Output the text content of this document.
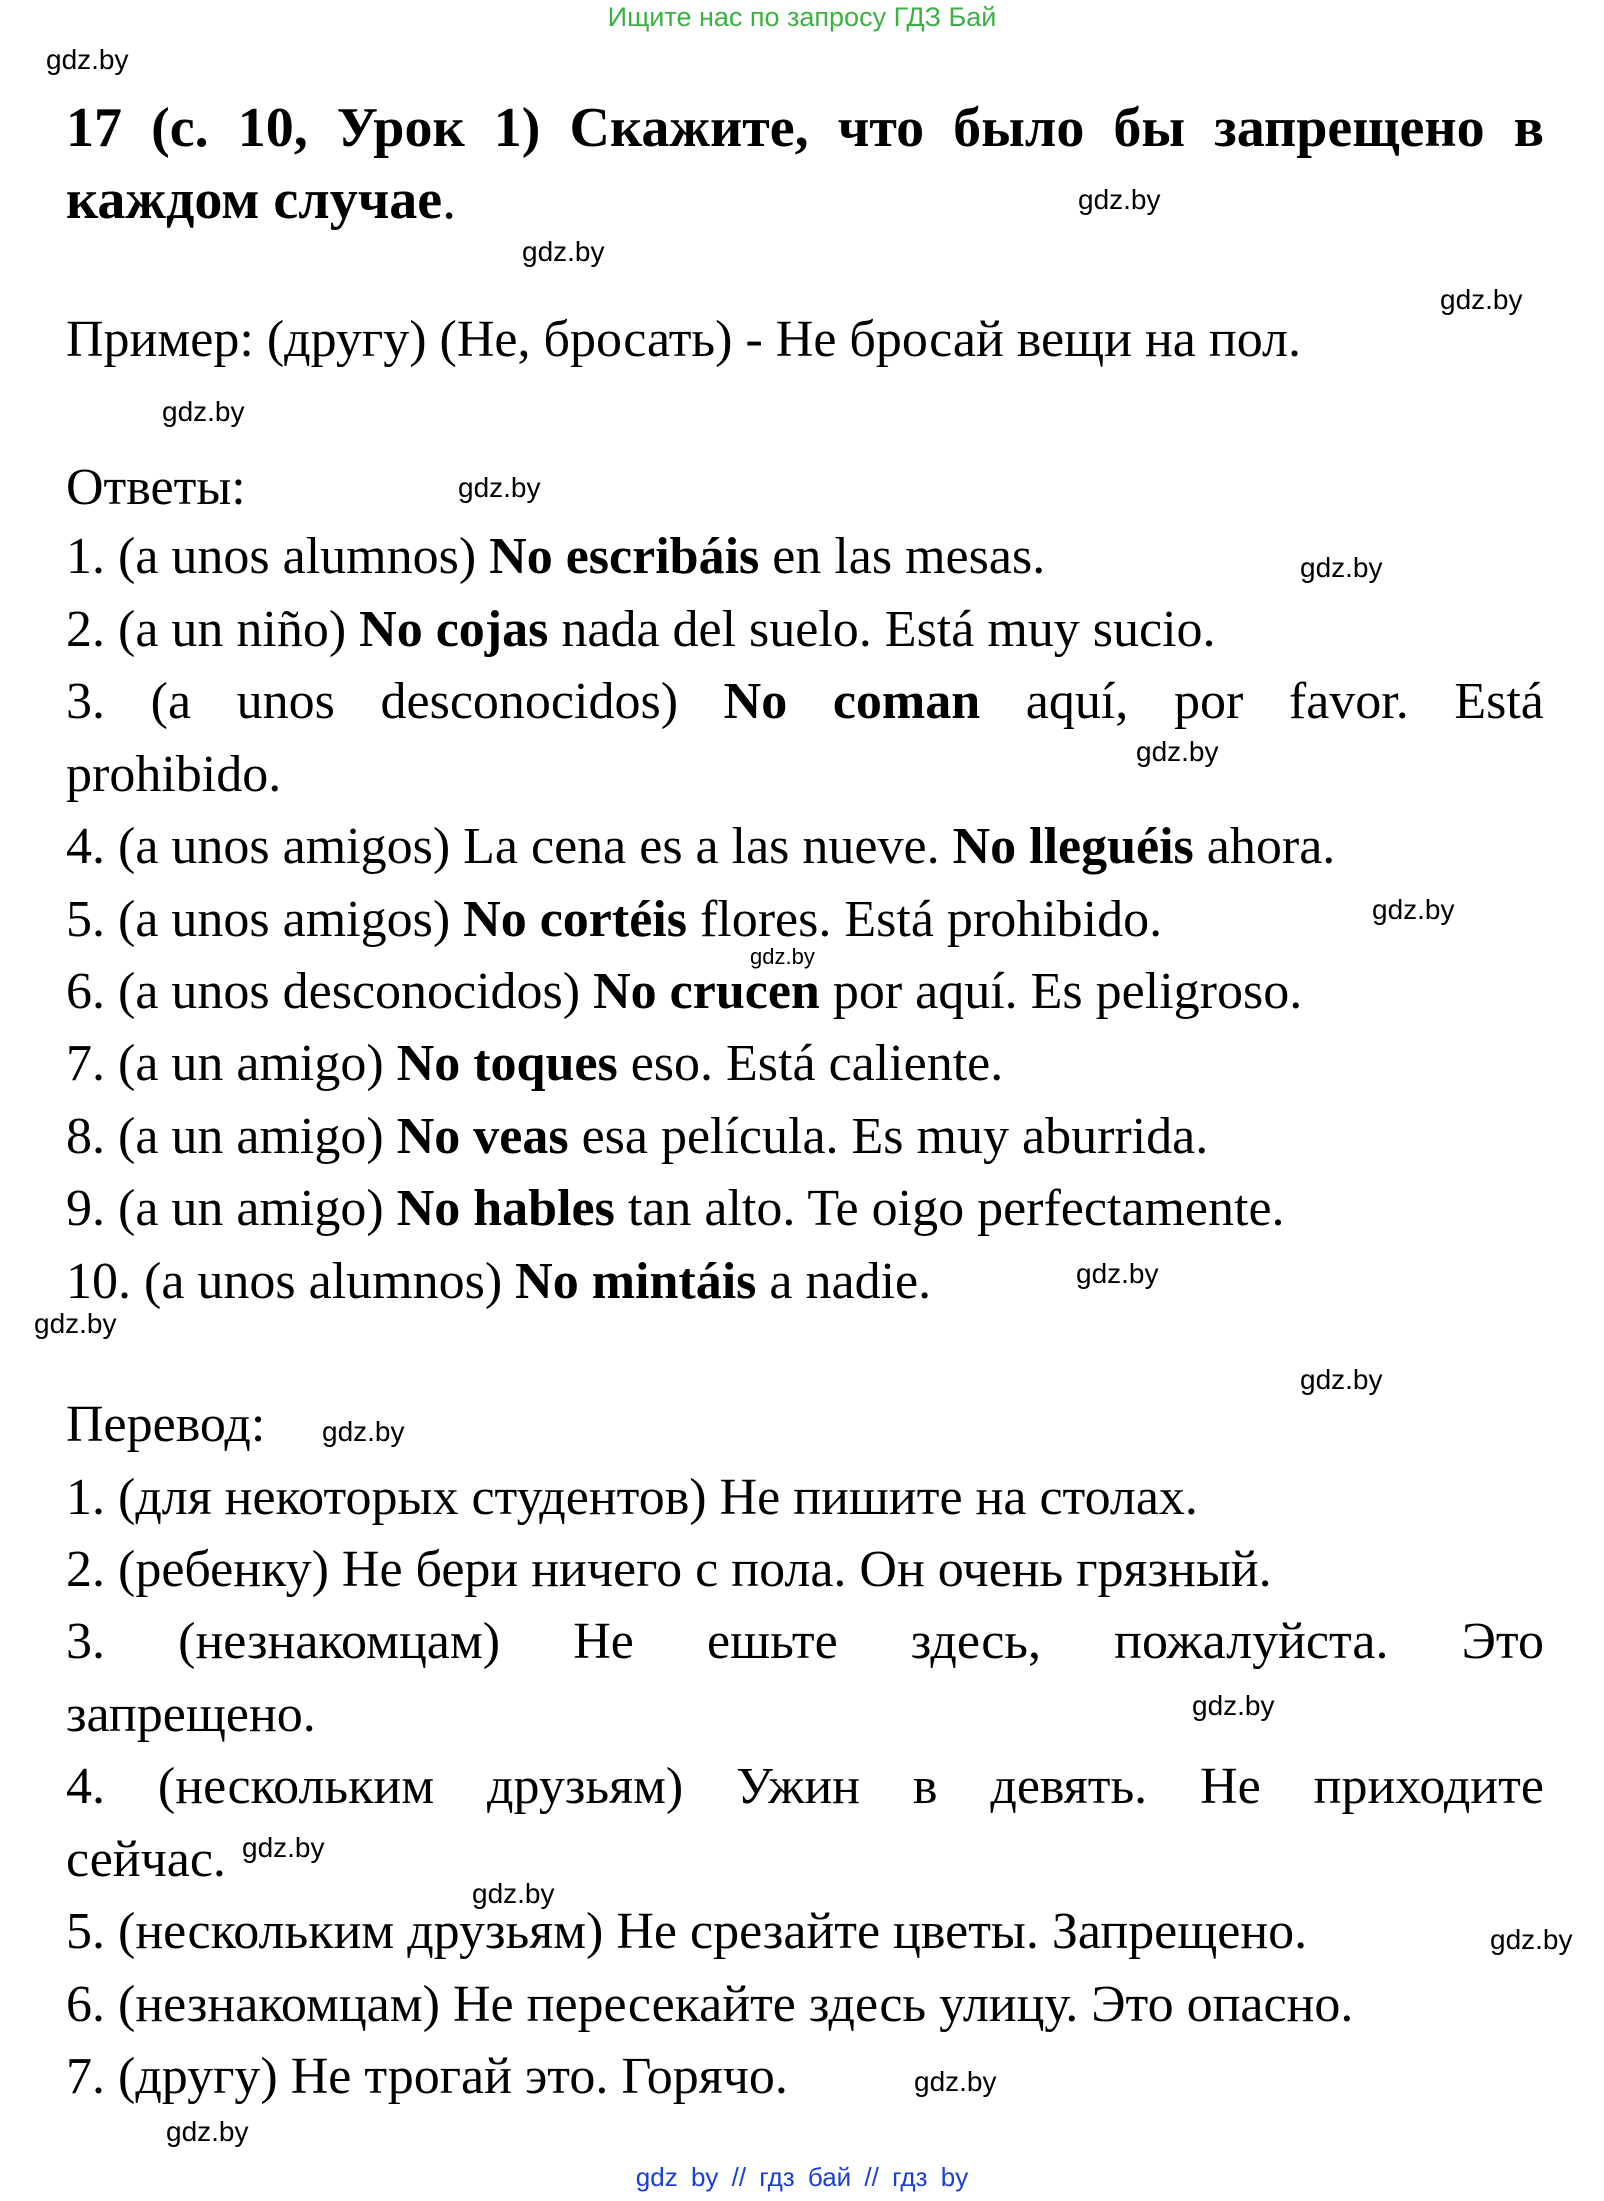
Ищите нас по запросу ГДЗ Бай
17 (с. 10, Урок 1) Скажите, что было бы запрещено в каждом случае.
Пример: (другу) (Не, бросать) - Не бросай вещи на пол.
Ответы:
1. (a unos alumnos) No escribáis en las mesas.
2. (a un niño) No cojas nada del suelo. Está muy sucio.
3. (a unos desconocidos) No coman aquí, por favor. Está
prohibido.
4. (a unos amigos) La cena es a las nueve. No lleguéis ahora.
5. (a unos amigos) No cortéis flores. Está prohibido.
6. (a unos desconocidos) No crucen por aquí. Es peligroso.
7. (a un amigo) No toques eso. Está caliente.
8. (a un amigo) No veas esa película. Es muy aburrida.
9. (a un amigo) No hables tan alto. Te oigo perfectamente.
10. (a unos alumnos) No mintáis a nadie.
Перевод:
1. (для некоторых студентов) Не пишите на столах.
2. (ребенку) Не бери ничего с пола. Он очень грязный.
3. (незнакомцам) Не ешьте здесь, пожалуйста. Это
запрещено.
4. (нескольким друзьям) Ужин в девять. Не приходите
сейчас.
5. (нескольким друзьям) Не срезайте цветы. Запрещено.
6. (незнакомцам) Не пересекайте здесь улицу. Это опасно.
7. (другу) Не трогай это. Горячо.
gdz.by
gdz.by
gdz.by
gdz.by
gdz.by
gdz.by
gdz.by
gdz.by
gdz.by
gdz.by
gdz.by
gdz.by
gdz.by
gdz.by
gdz.by
gdz.by
gdz.by
gdz.by
gdz.by
gdz.by
gdz by // гдз бай // гдз by
